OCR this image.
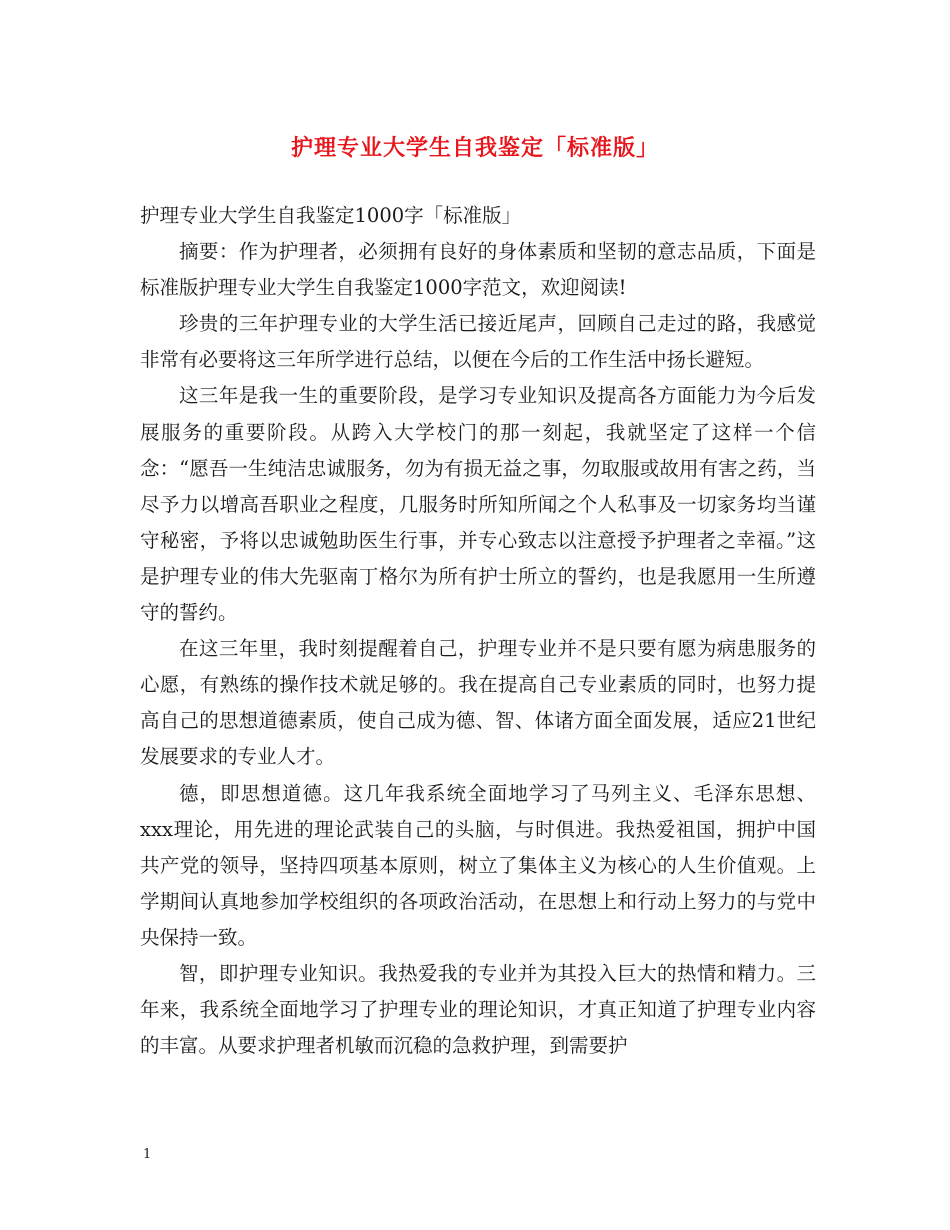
护理专业大学生自我鉴定「标准版」

护理专业大学生自我鉴定1000字「标准版」

摘要：作为护理者，必须拥有良好的身体素质和坚韧的意志品质，下面是标准版护理专业大学生自我鉴定1000字范文，欢迎阅读!

珍贵的三年护理专业的大学生活已接近尾声，回顾自己走过的路，我感觉非常有必要将这三年所学进行总结，以便在今后的工作生活中扬长避短。

这三年是我一生的重要阶段，是学习专业知识及提高各方面能力为今后发展服务的重要阶段。从跨入大学校门的那一刻起，我就坚定了这样一个信念：“愿吾一生纯洁忠诚服务，勿为有损无益之事，勿取服或故用有害之药，当尽予力以增高吾职业之程度，几服务时所知所闻之个人私事及一切家务均当谨守秘密，予将以忠诚勉助医生行事，并专心致志以注意授予护理者之幸福。”这是护理专业的伟大先驱南丁格尔为所有护士所立的誓约，也是我愿用一生所遵守的誓约。

在这三年里，我时刻提醒着自己，护理专业并不是只要有愿为病患服务的心愿，有熟练的操作技术就足够的。我在提高自己专业素质的同时，也努力提高自己的思想道德素质，使自己成为德、智、体诸方面全面发展，适应21世纪发展要求的专业人才。

德，即思想道德。这几年我系统全面地学习了马列主义、毛泽东思想、xxx理论，用先进的理论武装自己的头脑，与时俱进。我热爱祖国，拥护中国共产党的领导，坚持四项基本原则，树立了集体主义为核心的人生价值观。上学期间认真地参加学校组织的各项政治活动，在思想上和行动上努力的与党中央保持一致。

智，即护理专业知识。我热爱我的专业并为其投入巨大的热情和精力。三年来，我系统全面地学习了护理专业的理论知识，才真正知道了护理专业内容的丰富。从要求护理者机敏而沉稳的急救护理，到需要护

1
